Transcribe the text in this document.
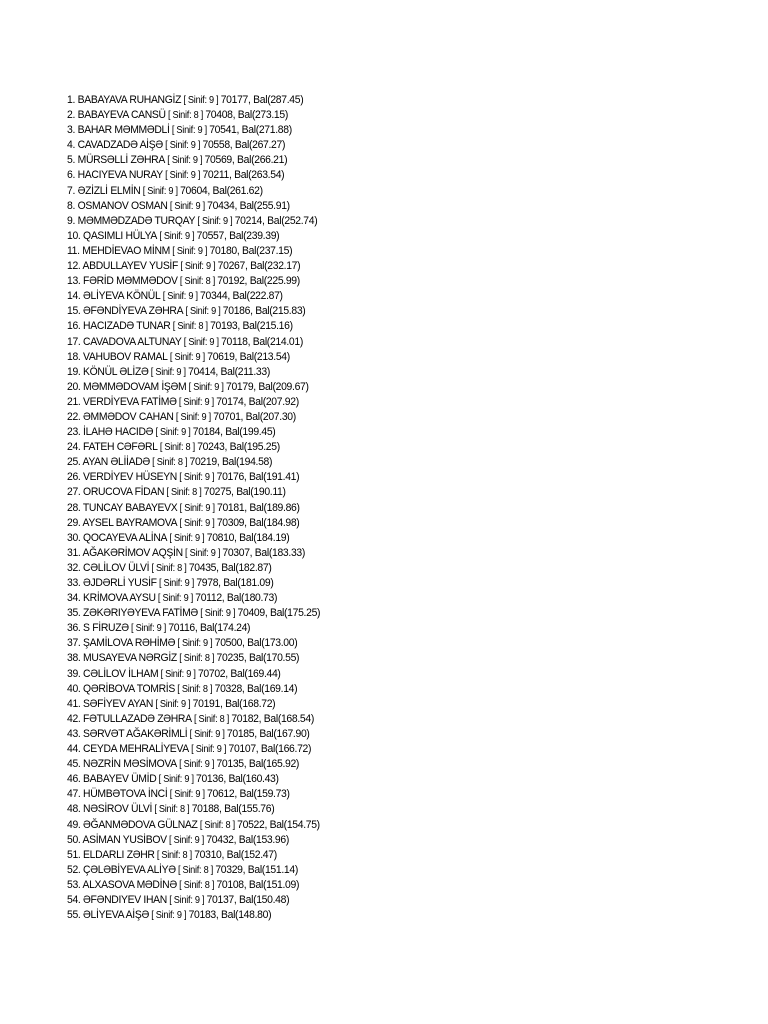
1. BABAYAVA RUHANGİZ [ Sinif: 9 ] 70177, Bal(287.45)
2. BABAYEVA CANSÜ [ Sinif: 8 ] 70408, Bal(273.15)
3. BAHAR MƏMMƏDLİ [ Sinif: 9 ] 70541, Bal(271.88)
4. CAVADZADƏ AİŞƏ [ Sinif: 9 ] 70558, Bal(267.27)
5. MÜRSƏLLİ ZƏHRA [ Sinif: 9 ] 70569, Bal(266.21)
6. HACIYEVA NURAY [ Sinif: 9 ] 70211, Bal(263.54)
7. ƏZİZLİ ELMİN [ Sinif: 9 ] 70604, Bal(261.62)
8. OSMANOV OSMAN [ Sinif: 9 ] 70434, Bal(255.91)
9. MƏMMƏDZADƏ TURQAY [ Sinif: 9 ] 70214, Bal(252.74)
10. QASIMLI HÜLYA [ Sinif: 9 ] 70557, Bal(239.39)
11. MEHDİEVAO MİNM [ Sinif: 9 ] 70180, Bal(237.15)
12. ABDULLAYEV YUSİF [ Sinif: 9 ] 70267, Bal(232.17)
13. FƏRİD MƏMMƏDOV [ Sinif: 8 ] 70192, Bal(225.99)
14. ƏLİYEVA KÖNÜL [ Sinif: 9 ] 70344, Bal(222.87)
15. ƏFƏNDİYEVA ZƏHRA [ Sinif: 9 ] 70186, Bal(215.83)
16. HACIZADƏ TUNAR [ Sinif: 8 ] 70193, Bal(215.16)
17. CAVADOVA ALTUNAY [ Sinif: 9 ] 70118, Bal(214.01)
18. VAHUBOV RAMAL [ Sinif: 9 ] 70619, Bal(213.54)
19. KÖNÜL ƏLİZƏ [ Sinif: 9 ] 70414, Bal(211.33)
20. MƏMMƏDOVAM İŞƏM [ Sinif: 9 ] 70179, Bal(209.67)
21. VERDİYEVA FATİMƏ [ Sinif: 9 ] 70174, Bal(207.92)
22. ƏMMƏDOV CAHAN [ Sinif: 9 ] 70701, Bal(207.30)
23. İLAHƏ HACIDƏ [ Sinif: 9 ] 70184, Bal(199.45)
24. FATEH CƏFƏRL [ Sinif: 8 ] 70243, Bal(195.25)
25. AYAN ƏLİİADƏ [ Sinif: 8 ] 70219, Bal(194.58)
26. VERDİYEV HÜSEYN [ Sinif: 9 ] 70176, Bal(191.41)
27. ORUCOVA FİDAN [ Sinif: 8 ] 70275, Bal(190.11)
28. TUNCAY BABAYEVX [ Sinif: 9 ] 70181, Bal(189.86)
29. AYSEL BAYRAMOVA [ Sinif: 9 ] 70309, Bal(184.98)
30. QOCAYEVA ALİNA [ Sinif: 9 ] 70810, Bal(184.19)
31. AĞAKƏRİMOV AQŞİN [ Sinif: 9 ] 70307, Bal(183.33)
32. CƏLİLOV ÜLVİ [ Sinif: 8 ] 70435, Bal(182.87)
33. ƏJDƏRLİ YUSİF [ Sinif: 9 ] 7978, Bal(181.09)
34. KRİMOVA AYSU [ Sinif: 9 ] 70112, Bal(180.73)
35. ZƏKƏRIYƏYEVA FATİMƏ [ Sinif: 9 ] 70409, Bal(175.25)
36. S FİRUZƏ [ Sinif: 9 ] 70116, Bal(174.24)
37. ŞAMİLOVA RƏHİMƏ [ Sinif: 9 ] 70500, Bal(173.00)
38. MUSAYEVA NƏRGİZ [ Sinif: 8 ] 70235, Bal(170.55)
39. CƏLİLOV İLHAM [ Sinif: 9 ] 70702, Bal(169.44)
40. QƏRİBOVA TOMRİS [ Sinif: 8 ] 70328, Bal(169.14)
41. SƏFİYEV AYAN [ Sinif: 9 ] 70191, Bal(168.72)
42. FƏTULLAZADƏ ZƏHRA [ Sinif: 8 ] 70182, Bal(168.54)
43. SƏRVƏT AĞAKƏRİMLİ [ Sinif: 9 ] 70185, Bal(167.90)
44. CEYDA MEHRALİYEVA [ Sinif: 9 ] 70107, Bal(166.72)
45. NƏZRİN MƏSİMOVA [ Sinif: 9 ] 70135, Bal(165.92)
46. BABAYEV ÜMİD [ Sinif: 9 ] 70136, Bal(160.43)
47. HÜMBƏTOVA İNCİ [ Sinif: 9 ] 70612, Bal(159.73)
48. NƏSİROV ÜLVİ [ Sinif: 8 ] 70188, Bal(155.76)
49. ƏĞANMƏDOVA GÜLNAZ [ Sinif: 8 ] 70522, Bal(154.75)
50. ASİMAN YUSİBOV [ Sinif: 9 ] 70432, Bal(153.96)
51. ELDARLI ZƏHR [ Sinif: 8 ] 70310, Bal(152.47)
52. ÇƏLƏBİYEVA ALİYƏ [ Sinif: 8 ] 70329, Bal(151.14)
53. ALXASOVA MƏDİNƏ [ Sinif: 8 ] 70108, Bal(151.09)
54. ƏFƏNDIYEV IHAN [ Sinif: 9 ] 70137, Bal(150.48)
55. ƏLİYEVA AİŞƏ [ Sinif: 9 ] 70183, Bal(148.80)
